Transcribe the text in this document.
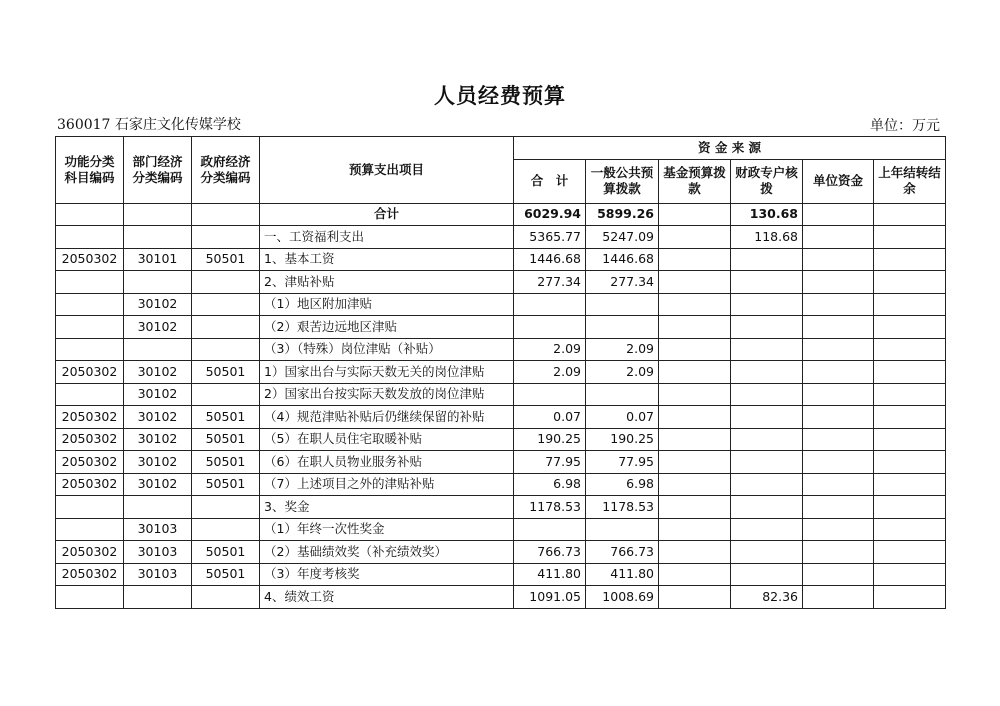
人员经费预算
360017 石家庄文化传媒学校	单位：万元
功能分类科目编码	部门经济分类编码	政府经济分类编码	预算支出项目	资 金 来 源					
				合　计	一般公共预算拨款	基金预算拨款	财政专户核拨	单位资金	上年结转结余
			合计	6029.94	5899.26		130.68		
			一、工资福利支出	5365.77	5247.09		118.68		
2050302	30101	50501	1、基本工资	1446.68	1446.68				
			2、津贴补贴	277.34	277.34				
	30102		（1）地区附加津贴						
	30102		（2）艰苦边远地区津贴						
			（3）（特殊）岗位津贴（补贴）	2.09	2.09				
2050302	30102	50501	1）国家出台与实际天数无关的岗位津贴	2.09	2.09				
	30102		2）国家出台按实际天数发放的岗位津贴						
2050302	30102	50501	（4）规范津贴补贴后仍继续保留的补贴	0.07	0.07				
2050302	30102	50501	（5）在职人员住宅取暖补贴	190.25	190.25				
2050302	30102	50501	（6）在职人员物业服务补贴	77.95	77.95				
2050302	30102	50501	（7）上述项目之外的津贴补贴	6.98	6.98				
			3、奖金	1178.53	1178.53				
	30103		（1）年终一次性奖金						
2050302	30103	50501	（2）基础绩效奖（补充绩效奖）	766.73	766.73				
2050302	30103	50501	（3）年度考核奖	411.80	411.80				
			4、绩效工资	1091.05	1008.69		82.36		
